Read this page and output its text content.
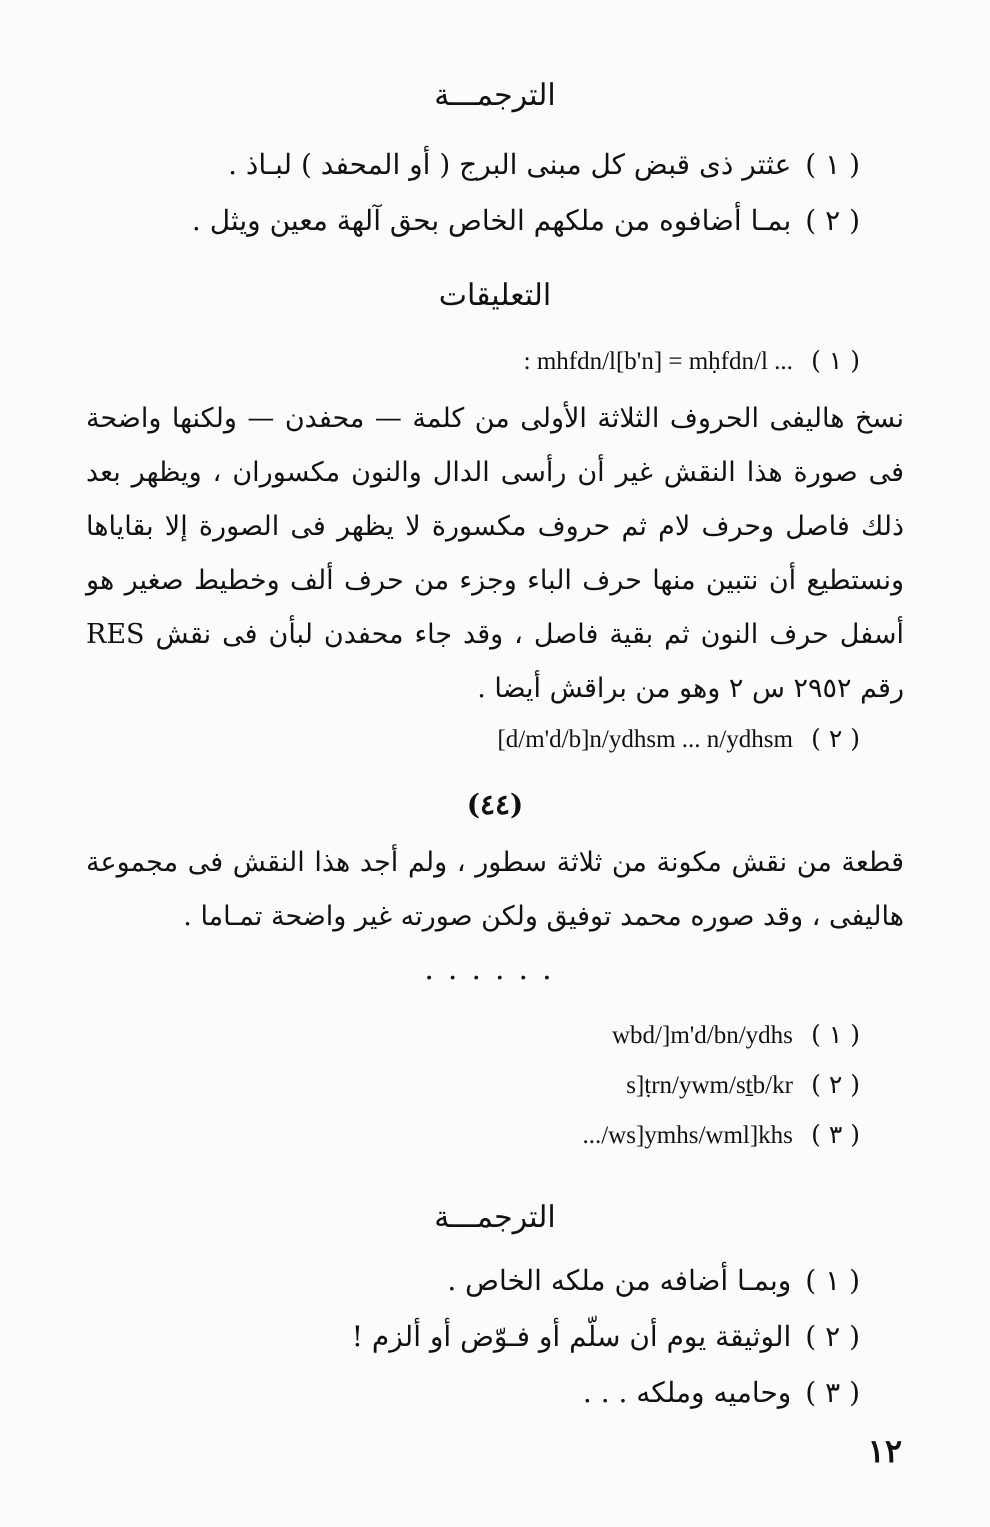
الترجمـــة
( ١ )عثتر ذى قبض كل مبنى البرج ( أو المحفد ) لبـاذ .
( ٢ )بمـا أضافوه من ملكهم الخاص بحق آلهة معين ويثل .
التعليقات
: mhfdn/l[b'n] = mḥfdn/l ... ( ١ )
نسخ هاليفى الحروف الثلاثة الأولى من كلمة — محفدن — ولكنها واضحة فى صورة هذا النقش غير أن رأسى الدال والنون مكسوران ، ويظهر بعد ذلك فاصل وحرف لام ثم حروف مكسورة لا يظهر فى الصورة إلا بقاياها ونستطيع أن نتبين منها حرف الباء وجزء من حرف ألف وخطيط صغير هو أسفل حرف النون ثم بقية فاصل ، وقد جاء محفدن لبأن فى نقش RES رقم ٢٩٥٢ س ٢ وهو من براقش أيضا .
[d/m'd/b]n/ydhsm ... n/ydhsm ( ٢ )
(٤٤)
قطعة من نقش مكونة من ثلاثة سطور ، ولم أجد هذا النقش فى مجموعة هاليفى ، وقد صوره محمد توفيق ولكن صورته غير واضحة تمـاما .
......
wbd/]m'd/bn/ydhs ( ١ )
s]ṭrn/ywm/sṯb/kr ( ٢ )
.../ws]ymhs/wml]khs ( ٣ )
الترجمـــة
( ١ )وبمـا أضافه من ملكه الخاص .
( ٢ )الوثيقة يوم أن سلّم أو فـوّض أو ألزم !
( ٣ )وحاميه وملكه . . .
١٢
